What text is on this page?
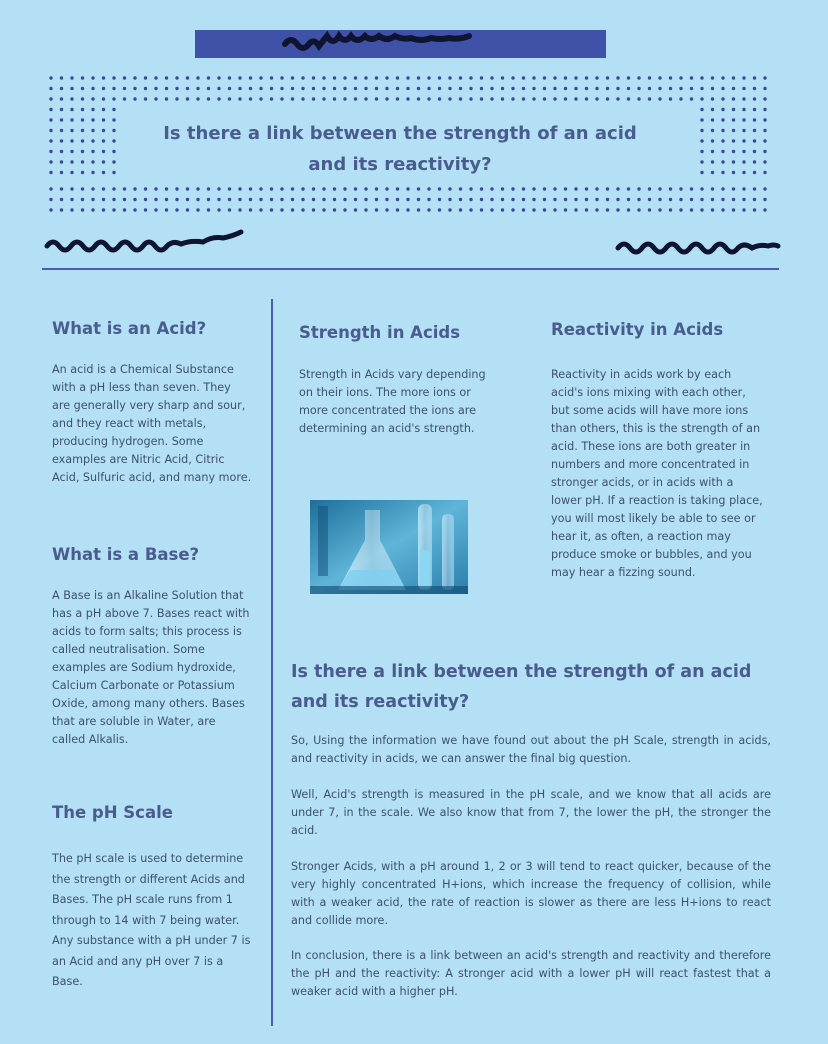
Is there a link between the strength of an acid and its reactivity?
What is an Acid?

An acid is a Chemical Substance with a pH less than seven. They are generally very sharp and sour, and they react with metals, producing hydrogen. Some examples are Nitric Acid, Citric Acid, Sulfuric acid, and many more.

What is a Base?

A Base is an Alkaline Solution that has a pH above 7. Bases react with acids to form salts; this process is called neutralisation. Some examples are Sodium hydroxide, Calcium Carbonate or Potassium Oxide, among many others. Bases that are soluble in Water, are called Alkalis.

The pH Scale

The pH scale is used to determine the strength or different Acids and Bases. The pH scale runs from 1 through to 14 with 7 being water. Any substance with a pH under 7 is an Acid and any pH over 7 is a Base.

Strength in Acids

Strength in Acids vary depending on their ions. The more ions or more concentrated the ions are determining an acid's strength.

Reactivity in Acids

Reactivity in acids work by each acid's ions mixing with each other, but some acids will have more ions than others, this is the strength of an acid. These ions are both greater in numbers and more concentrated in stronger acids, or in acids with a lower pH. If a reaction is taking place, you will most likely be able to see or hear it, as often, a reaction may produce smoke or bubbles, and you may hear a fizzing sound.

Is there a link between the strength of an acid and its reactivity?

So, Using the information we have found out about the pH Scale, strength in acids, and reactivity in acids, we can answer the final big question.

Well, Acid's strength is measured in the pH scale, and we know that all acids are under 7, in the scale. We also know that from 7, the lower the pH, the stronger the acid.

Stronger Acids, with a pH around 1, 2 or 3 will tend to react quicker, because of the very highly concentrated H+ions, which increase the frequency of collision, while with a weaker acid, the rate of reaction is slower as there are less H+ions to react and collide more.

In conclusion, there is a link between an acid's strength and reactivity and therefore the pH and the reactivity: A stronger acid with a lower pH will react fastest that a weaker acid with a higher pH.
